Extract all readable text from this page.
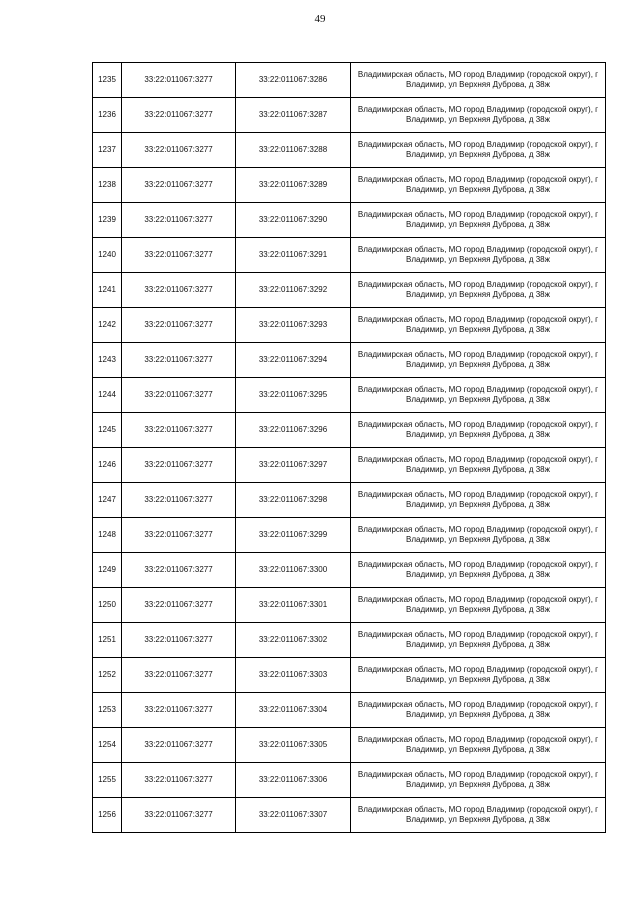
49
1235	33:22:011067:3277	33:22:011067:3286	Владимирская область, МО город Владимир (городской округ), г Владимир, ул Верхняя Дуброва, д 38ж
1236	33:22:011067:3277	33:22:011067:3287	Владимирская область, МО город Владимир (городской округ), г Владимир, ул Верхняя Дуброва, д 38ж
1237	33:22:011067:3277	33:22:011067:3288	Владимирская область, МО город Владимир (городской округ), г Владимир, ул Верхняя Дуброва, д 38ж
1238	33:22:011067:3277	33:22:011067:3289	Владимирская область, МО город Владимир (городской округ), г Владимир, ул Верхняя Дуброва, д 38ж
1239	33:22:011067:3277	33:22:011067:3290	Владимирская область, МО город Владимир (городской округ), г Владимир, ул Верхняя Дуброва, д 38ж
1240	33:22:011067:3277	33:22:011067:3291	Владимирская область, МО город Владимир (городской округ), г Владимир, ул Верхняя Дуброва, д 38ж
1241	33:22:011067:3277	33:22:011067:3292	Владимирская область, МО город Владимир (городской округ), г Владимир, ул Верхняя Дуброва, д 38ж
1242	33:22:011067:3277	33:22:011067:3293	Владимирская область, МО город Владимир (городской округ), г Владимир, ул Верхняя Дуброва, д 38ж
1243	33:22:011067:3277	33:22:011067:3294	Владимирская область, МО город Владимир (городской округ), г Владимир, ул Верхняя Дуброва, д 38ж
1244	33:22:011067:3277	33:22:011067:3295	Владимирская область, МО город Владимир (городской округ), г Владимир, ул Верхняя Дуброва, д 38ж
1245	33:22:011067:3277	33:22:011067:3296	Владимирская область, МО город Владимир (городской округ), г Владимир, ул Верхняя Дуброва, д 38ж
1246	33:22:011067:3277	33:22:011067:3297	Владимирская область, МО город Владимир (городской округ), г Владимир, ул Верхняя Дуброва, д 38ж
1247	33:22:011067:3277	33:22:011067:3298	Владимирская область, МО город Владимир (городской округ), г Владимир, ул Верхняя Дуброва, д 38ж
1248	33:22:011067:3277	33:22:011067:3299	Владимирская область, МО город Владимир (городской округ), г Владимир, ул Верхняя Дуброва, д 38ж
1249	33:22:011067:3277	33:22:011067:3300	Владимирская область, МО город Владимир (городской округ), г Владимир, ул Верхняя Дуброва, д 38ж
1250	33:22:011067:3277	33:22:011067:3301	Владимирская область, МО город Владимир (городской округ), г Владимир, ул Верхняя Дуброва, д 38ж
1251	33:22:011067:3277	33:22:011067:3302	Владимирская область, МО город Владимир (городской округ), г Владимир, ул Верхняя Дуброва, д 38ж
1252	33:22:011067:3277	33:22:011067:3303	Владимирская область, МО город Владимир (городской округ), г Владимир, ул Верхняя Дуброва, д 38ж
1253	33:22:011067:3277	33:22:011067:3304	Владимирская область, МО город Владимир (городской округ), г Владимир, ул Верхняя Дуброва, д 38ж
1254	33:22:011067:3277	33:22:011067:3305	Владимирская область, МО город Владимир (городской округ), г Владимир, ул Верхняя Дуброва, д 38ж
1255	33:22:011067:3277	33:22:011067:3306	Владимирская область, МО город Владимир (городской округ), г Владимир, ул Верхняя Дуброва, д 38ж
1256	33:22:011067:3277	33:22:011067:3307	Владимирская область, МО город Владимир (городской округ), г Владимир, ул Верхняя Дуброва, д 38ж
